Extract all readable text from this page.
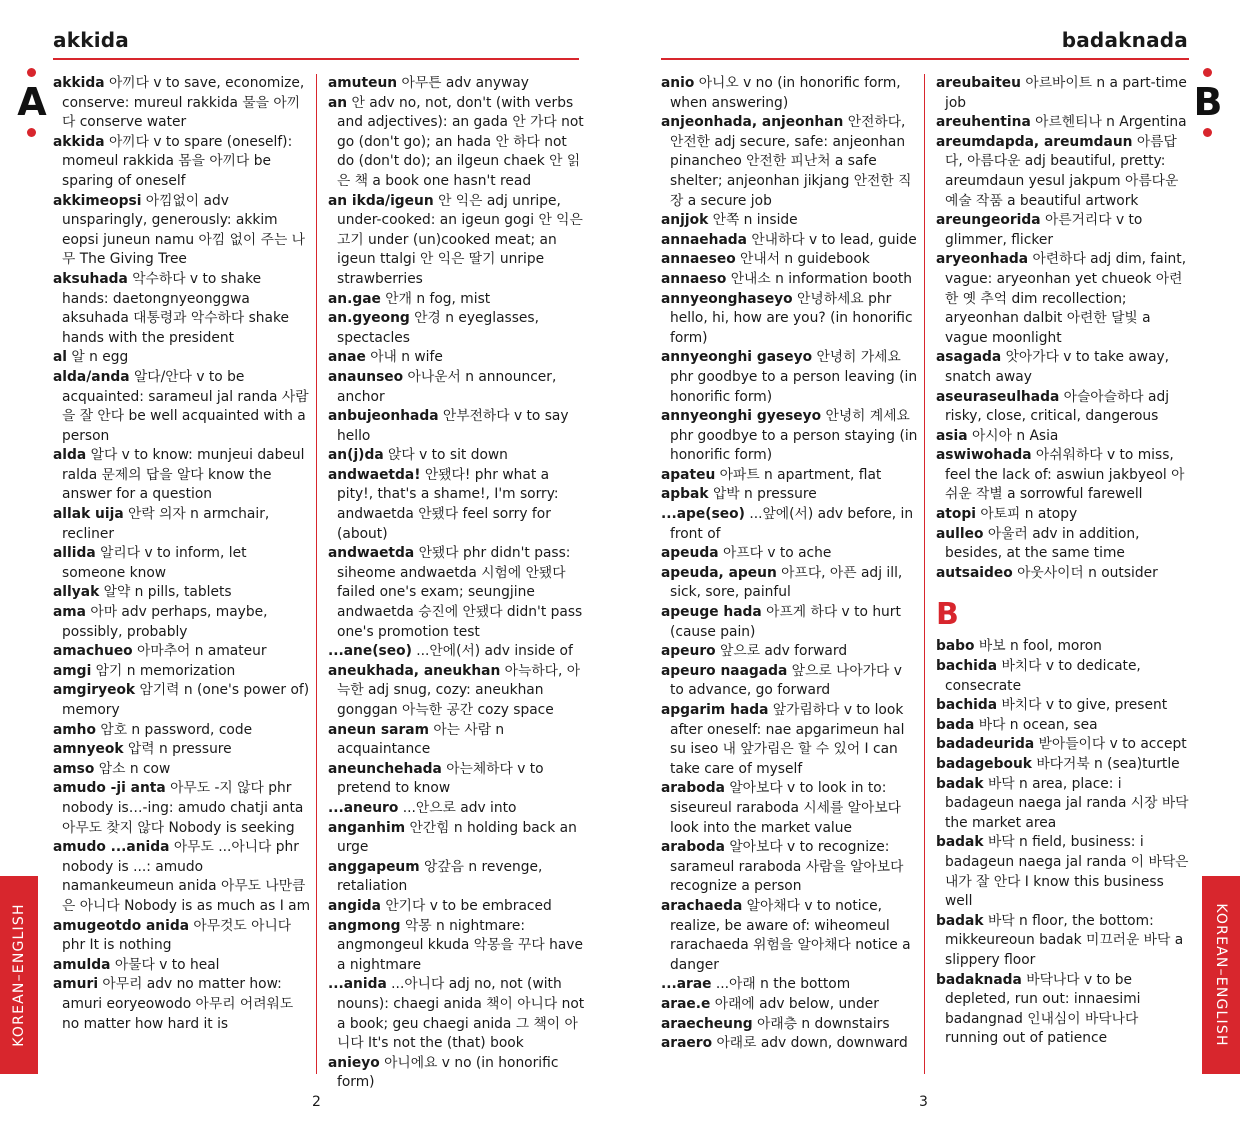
akkida
A akkida 아끼다 v to save, economize, conserve: mureul rakkida 물을 아끼다 conserve water
akkida 아끼다 v to spare (oneself): momeul rakkida 몸을 아끼다 be sparing of oneself
akkimeopsi 아낌없이 adv unsparingly, generously: akkim eopsi juneun namu 아낌 없이 주는 나무 The Giving Tree
aksuhada 악수하다 v to shake hands: daetongnyeonggwa aksuhada 대통령과 악수하다 shake hands with the president
al 알 n egg
alda/anda 알다/안다 v to be acquainted: sarameul jal randa 사람을 잘 안다 be well acquainted with a person
alda 알다 v to know: munjeui dabeul ralda 문제의 답을 알다 know the answer for a question
allak uija 안락 의자 n armchair, recliner
allida 알리다 v to inform, let someone know
allyak 알약 n pills, tablets
ama 아마 adv perhaps, maybe, possibly, probably
amachueo 아마추어 n amateur
amgi 암기 n memorization
amgiryeok 암기력 n (one's power of) memory
amho 암호 n password, code
amnyeok 압력 n pressure
amso 암소 n cow
amudo -ji anta 아무도 -지 않다 phr nobody is…-ing: amudo chatji anta 아무도 찾지 않다 Nobody is seeking
amudo ...anida 아무도 ...아니다 phr nobody is ...: amudo namankeumeun anida 아무도 나만큼은 아니다 Nobody is as much as I am
amugeotdo anida 아무것도 아니다 phr It is nothing
amulda 아물다 v to heal
amuri 아무리 adv no matter how: amuri eoryeowodo 아무리 어려워도 no matter how hard it is
amuteun 아무튼 adv anyway
an 안 adv no, not, don't (with verbs and adjectives): an gada 안 가다 not go (don't go); an hada 안 하다 not do (don't do); an ilgeun chaek 안 읽은 책 a book one hasn't read
an ikda/igeun 안 익은 adj unripe, under-cooked: an igeun gogi 안 익은고기 under (un)cooked meat; an igeun ttalgi 안 익은 딸기 unripe strawberries
an.gae 안개 n fog, mist
an.gyeong 안경 n eyeglasses, spectacles
anae 아내 n wife
anaunseo 아나운서 n announcer, anchor
anbujeonhada 안부전하다 v to say hello
an(j)da 앉다 v to sit down
andwaetda! 안됐다! phr what a pity!, that's a shame!, I'm sorry: andwaetda 안됐다 feel sorry for (about)
andwaetda 안됐다 phr didn't pass: siheome andwaetda 시험에 안됐다 failed one's exam; seungjine andwaetda 승진에 안됐다 didn't pass one's promotion test
...ane(seo) ...안에(서) adv inside of
aneukhada, aneukhan 아늑하다, 아늑한 adj snug, cozy: aneukhan gonggan 아늑한 공간 cozy space
aneun saram 아는 사람 n acquaintance
aneunchehada 아는체하다 v to pretend to know
...aneuro ...안으로 adv into
anganhim 안간힘 n holding back an urge
anggapeum 앙갚음 n revenge, retaliation
angida 안기다 v to be embraced
angmong 악몽 n nightmare: angmongeul kkuda 악몽을 꾸다 have a nightmare
...anida ...아니다 adj no, not (with nouns): chaegi anida 책이 아니다 not a book; geu chaegi anida 그 책이 아니다 It's not the (that) book
anieyo 아니에요 v no (in honorific form)
KOREAN–ENGLISH
2
badaknada
B
anio 아니오 v no (in honorific form, when answering)
anjeonhada, anjeonhan 안전하다, 안전한 adj secure, safe: anjeonhan pinancheo 안전한 피난처 a safe shelter; anjeonhan jikjang 안전한 직장 a secure job
anjjok 안쪽 n inside
annaehada 안내하다 v to lead, guide
annaeseo 안내서 n guidebook
annaeso 안내소 n information booth
annyeonghaseyo 안녕하세요 phr hello, hi, how are you? (in honorific form)
annyeonghi gaseyo 안녕히 가세요 phr goodbye to a person leaving (in honorific form)
annyeonghi gyeseyo 안녕히 계세요 phr goodbye to a person staying (in honorific form)
apateu 아파트 n apartment, flat
apbak 압박 n pressure
...ape(seo) ...앞에(서) adv before, in front of
apeuda 아프다 v to ache
apeuda, apeun 아프다, 아픈 adj ill, sick, sore, painful
apeuge hada 아프게 하다 v to hurt (cause pain)
apeuro 앞으로 adv forward
apeuro naagada 앞으로 나아가다 v to advance, go forward
apgarim hada 앞가림하다 v to look after oneself: nae apgarimeun hal su iseo 내 앞가림은 할 수 있어 I can take care of myself
araboda 알아보다 v to look in to: siseureul raraboda 시세를 알아보다 look into the market value
araboda 알아보다 v to recognize: sarameul raraboda 사람을 알아보다 recognize a person
arachaeda 알아채다 v to notice, realize, be aware of: wiheomeul rarachaeda 위험을 알아채다 notice a danger
...arae ...아래 n the bottom
arae.e 아래에 adv below, under
araecheung 아래층 n downstairs
araero 아래로 adv down, downward
areubaiteu 아르바이트 n a part-time job
areuhentina 아르헨티나 n Argentina
areumdapda, areumdaun 아름답다, 아름다운 adj beautiful, pretty: areumdaun yesul jakpum 아름다운 예술 작품 a beautiful artwork
areungeorida 아른거리다 v to glimmer, flicker
aryeonhada 아련하다 adj dim, faint, vague: aryeonhan yet chueok 아련한 옛 추억 dim recollection; aryeonhan dalbit 아련한 달빛 a vague moonlight
asagada 앗아가다 v to take away, snatch away
aseuraseulhada 아슬아슬하다 adj risky, close, critical, dangerous
asia 아시아 n Asia
aswiwohada 아쉬워하다 v to miss, feel the lack of: aswiun jakbyeol 아쉬운 작별 a sorrowful farewell
atopi 아토피 n atopy
aulleo 아울러 adv in addition, besides, at the same time
autsaideo 아웃사이더 n outsider
B
babo 바보 n fool, moron
bachida 바치다 v to dedicate, consecrate
bachida 바치다 v to give, present
bada 바다 n ocean, sea
badadeurida 받아들이다 v to accept
badagebouk 바다거북 n (sea)turtle
badak 바닥 n area, place: i badageun naega jal randa 시장 바닥 the market area
badak 바닥 n field, business: i badageun naega jal randa 이 바닥은 내가 잘 안다 I know this business well
badak 바닥 n floor, the bottom: mikkeureoun badak 미끄러운 바닥 a slippery floor
badaknada 바닥나다 v to be depleted, run out: innaesimi badangnad 인내심이 바닥나다 running out of patience	KOREAN–ENGLISH
3
